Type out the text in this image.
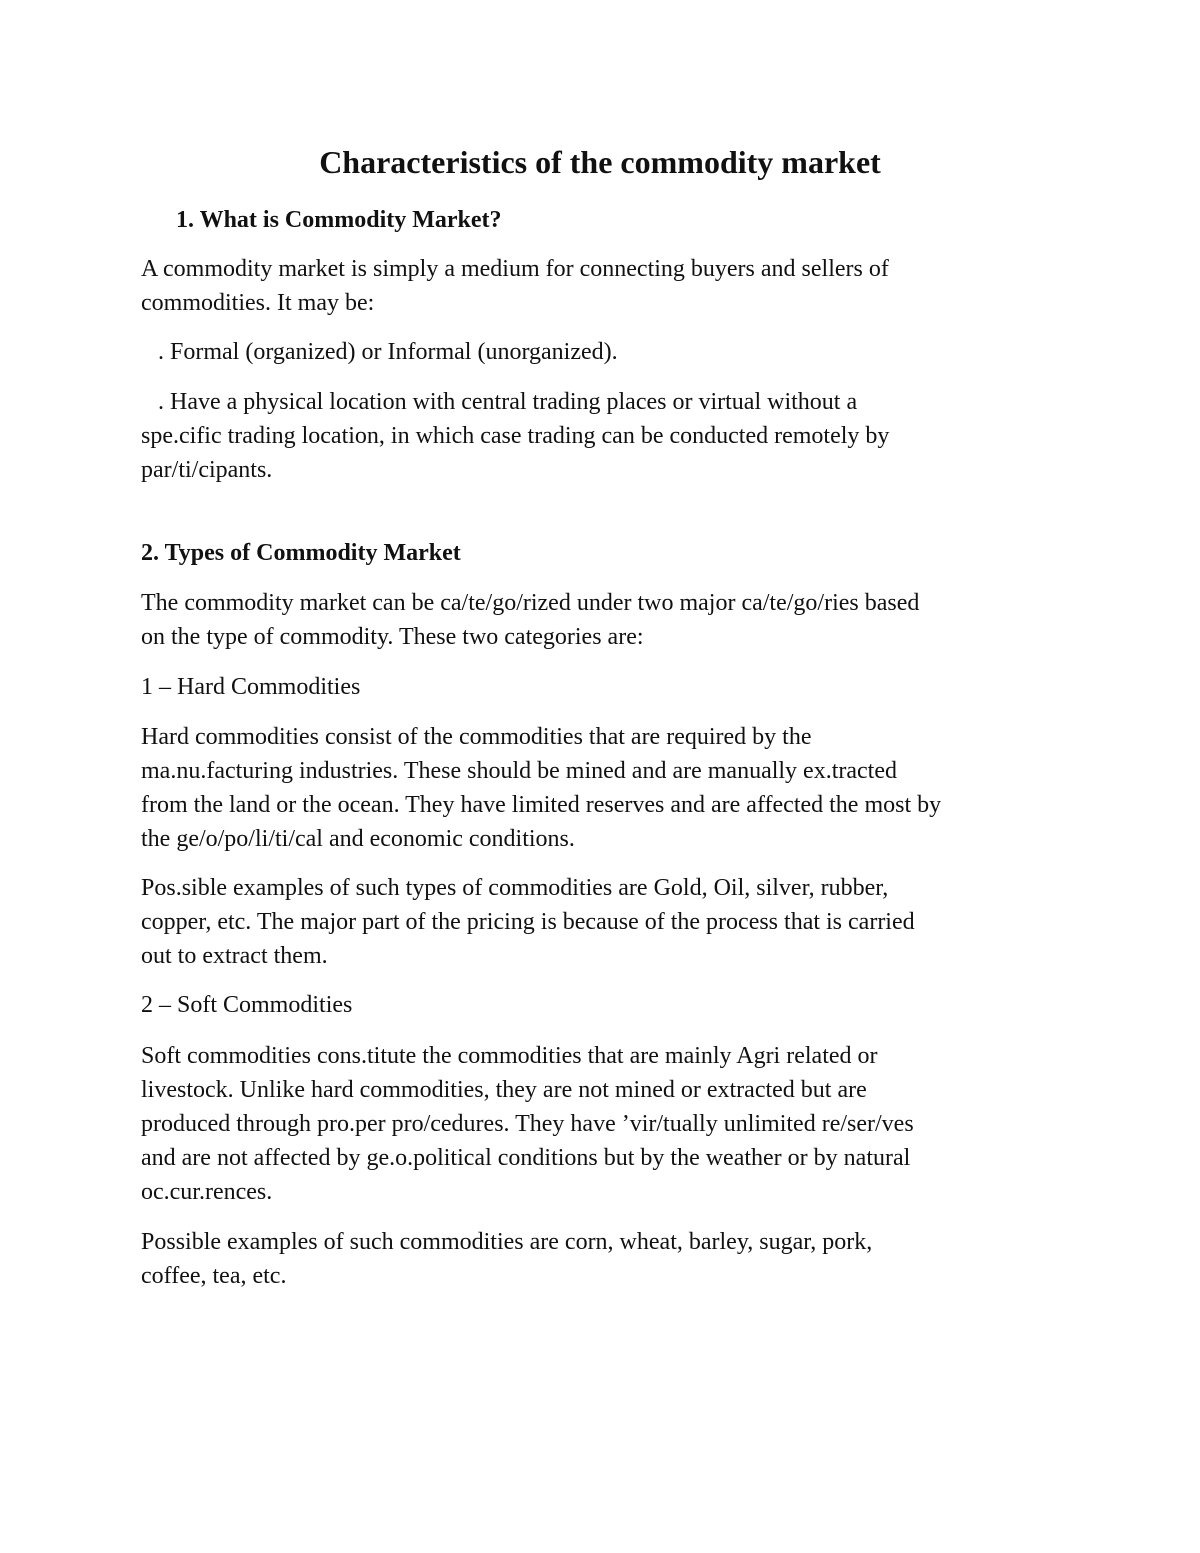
Characteristics of the commodity market

1. What is Commodity Market?

A commodity market is simply a medium for connecting buyers and sellers of

commodities. It may be:

. Formal (organized) or Informal (unorganized).

. Have a physical location with central trading places or virtual without a

spe.cific trading location, in which case trading can be conducted remotely by

par/ti/cipants.

2. Types of Commodity Market

The commodity market can be ca/te/go/rized under two major ca/te/go/ries based

on the type of commodity. These two categories are:

1 – Hard Commodities

Hard commodities consist of the commodities that are required by the

ma.nu.facturing industries. These should be mined and are manually ex.tracted

from the land or the ocean. They have limited reserves and are affected the most by

the ge/o/po/li/ti/cal and economic conditions.

Pos.sible examples of such types of commodities are Gold, Oil, silver, rubber,

copper, etc. The major part of the pricing is because of the process that is carried

out to extract them.

2 – Soft Commodities

Soft commodities cons.titute the commodities that are mainly Agri related or

livestock. Unlike hard commodities, they are not mined or extracted but are

produced through pro.per pro/cedures. They have ’vir/tually unlimited re/ser/ves

and are not affected by ge.o.political conditions but by the weather or by natural

oc.cur.rences.

Possible examples of such commodities are corn, wheat, barley, sugar, pork,

coffee, tea, etc.
